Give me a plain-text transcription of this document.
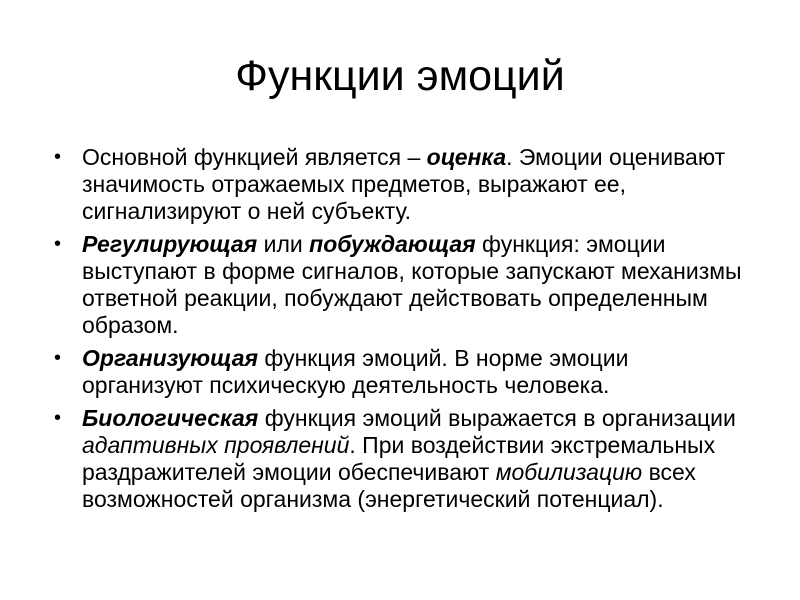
Функции эмоций
• Основной функцией является – оценка. Эмоции оценивают значимость отражаемых предметов, выражают ее, сигнализируют о ней субъекту.
• Регулирующая или побуждающая функция: эмоции выступают в форме сигналов, которые запускают механизмы ответной реакции, побуждают действовать определенным образом.
• Организующая функция эмоций. В норме эмоции организуют психическую деятельность человека.
• Биологическая функция эмоций выражается в организации адаптивных проявлений. При воздействии экстремальных раздражителей эмоции обеспечивают мобилизацию всех возможностей организма (энергетический потенциал).
